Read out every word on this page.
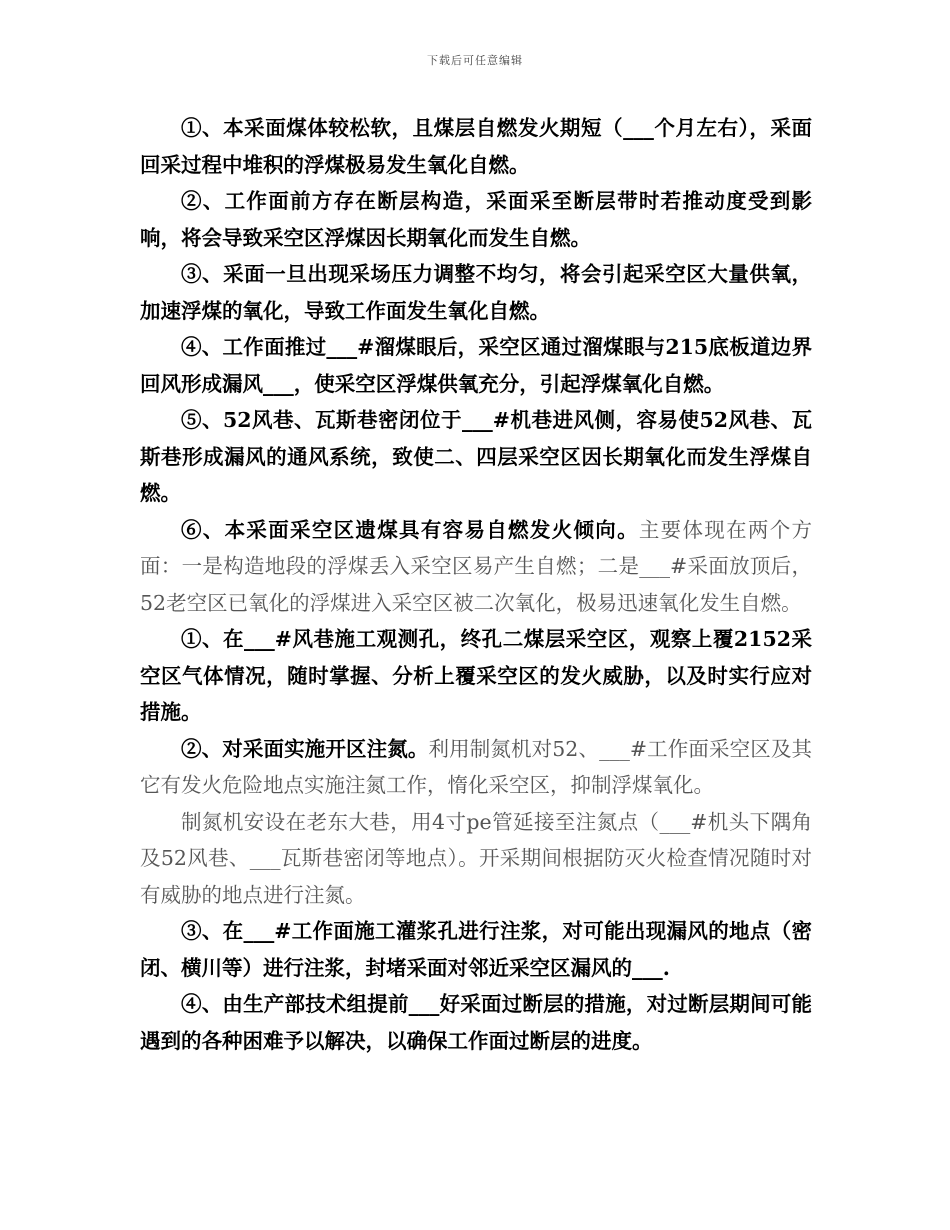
下载后可任意编辑

①、本采面煤体较松软，且煤层自燃发火期短（___个月左右），采面回采过程中堆积的浮煤极易发生氧化自燃。

②、工作面前方存在断层构造，采面采至断层带时若推动度受到影响，将会导致采空区浮煤因长期氧化而发生自燃。

③、采面一旦出现采场压力调整不均匀，将会引起采空区大量供氧，加速浮煤的氧化，导致工作面发生氧化自燃。

④、工作面推过___#溜煤眼后，采空区通过溜煤眼与215底板道边界回风形成漏风___，使采空区浮煤供氧充分，引起浮煤氧化自燃。

⑤、52风巷、瓦斯巷密闭位于___#机巷进风侧，容易使52风巷、瓦斯巷形成漏风的通风系统，致使二、四层采空区因长期氧化而发生浮煤自燃。

⑥、本采面采空区遗煤具有容易自燃发火倾向。主要体现在两个方面：一是构造地段的浮煤丢入采空区易产生自燃；二是___#采面放顶后，52老空区已氧化的浮煤进入采空区被二次氧化，极易迅速氧化发生自燃。

①、在___#风巷施工观测孔，终孔二煤层采空区，观察上覆2152采空区气体情况，随时掌握、分析上覆采空区的发火威胁，以及时实行应对措施。

②、对采面实施开区注氮。利用制氮机对52、___#工作面采空区及其它有发火危险地点实施注氮工作，惰化采空区，抑制浮煤氧化。

制氮机安设在老东大巷，用4寸pe管延接至注氮点（___#机头下隅角及52风巷、___瓦斯巷密闭等地点）。开采期间根据防灭火检查情况随时对有威胁的地点进行注氮。

③、在___#工作面施工灌浆孔进行注浆，对可能出现漏风的地点（密闭、横川等）进行注浆，封堵采面对邻近采空区漏风的___.

④、由生产部技术组提前___好采面过断层的措施，对过断层期间可能遇到的各种困难予以解决，以确保工作面过断层的进度。
